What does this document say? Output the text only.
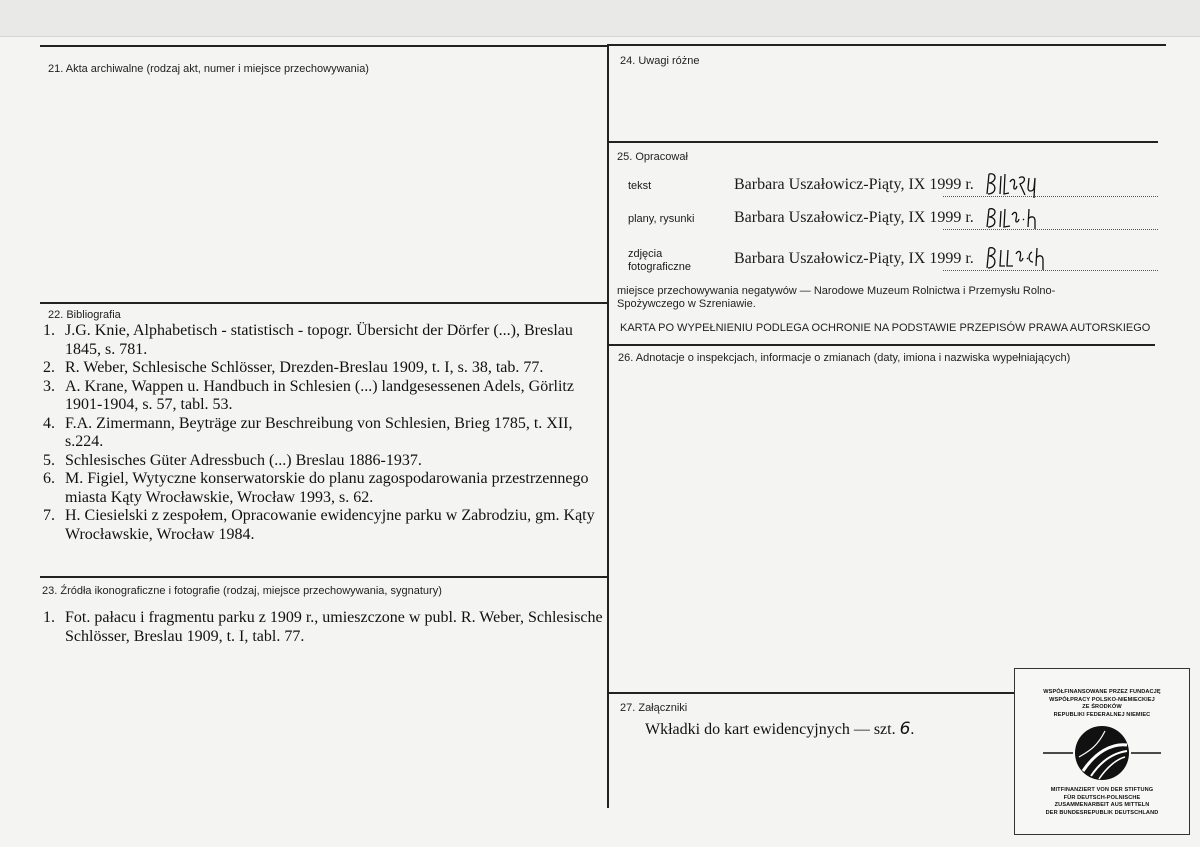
21. Akta archiwalne (rodzaj akt, numer i miejsce przechowywania)
22. Bibliografia
1. J.G. Knie, Alphabetisch - statistisch - topogr. Übersicht der Dörfer (...), Breslau 1845, s. 781.
2. R. Weber, Schlesische Schlösser, Drezden-Breslau 1909, t. I, s. 38, tab. 77.
3. A. Krane, Wappen u. Handbuch in Schlesien (...) landgesessenen Adels, Görlitz 1901-1904, s. 57, tabl. 53.
4. F.A. Zimermann, Beyträge zur Beschreibung von Schlesien, Brieg 1785, t. XII, s.224.
5. Schlesisches Güter Adressbuch (...) Breslau 1886-1937.
6. M. Figiel, Wytyczne konserwatorskie do planu zagospodarowania przestrzennego miasta Kąty Wrocławskie, Wrocław 1993, s. 62.
7. H. Ciesielski z zespołem, Opracowanie ewidencyjne parku w Zabrodziu, gm. Kąty Wrocławskie, Wrocław 1984.
23. Źródła ikonograficzne i fotografie (rodzaj, miejsce przechowywania, sygnatury)
1. Fot. pałacu i fragmentu parku z 1909 r., umieszczone w publ. R. Weber, Schlesische Schlösser, Breslau 1909, t. I, tabl. 77.
24. Uwagi różne
25. Opracował
tekst	Barbara Uszałowicz-Piąty, IX 1999 r.
plany, rysunki Barbara Uszałowicz-Piąty, IX 1999 r.
zdjęcia
fotograficzne	Barbara Uszałowicz-Piąty, IX 1999 r.
miejsce przechowywania negatywów — Narodowe Muzeum Rolnictwa i Przemysłu Rolno-Spożywczego w Szreniawie.
KARTA PO WYPEŁNIENIU PODLEGA OCHRONIE NA PODSTAWIE PRZEPISÓW PRAWA AUTORSKIEGO
26. Adnotacje o inspekcjach, informacje o zmianach (daty, imiona i nazwiska wypełniających)
27. Załączniki
Wkładki do kart ewidencyjnych — szt. 6.
WSPÓŁFINANSOWANE PRZEZ FUNDACJĘ
WSPÓŁPRACY POLSKO-NIEMIECKIEJ
ZE ŚRODKÓW
REPUBLIKI FEDERALNEJ NIEMIEC
MITFINANZIERT VON DER STIFTUNG
FÜR DEUTSCH-POLNISCHE
ZUSAMMENARBEIT AUS MITTELN
DER BUNDESREPUBLIK DEUTSCHLAND
